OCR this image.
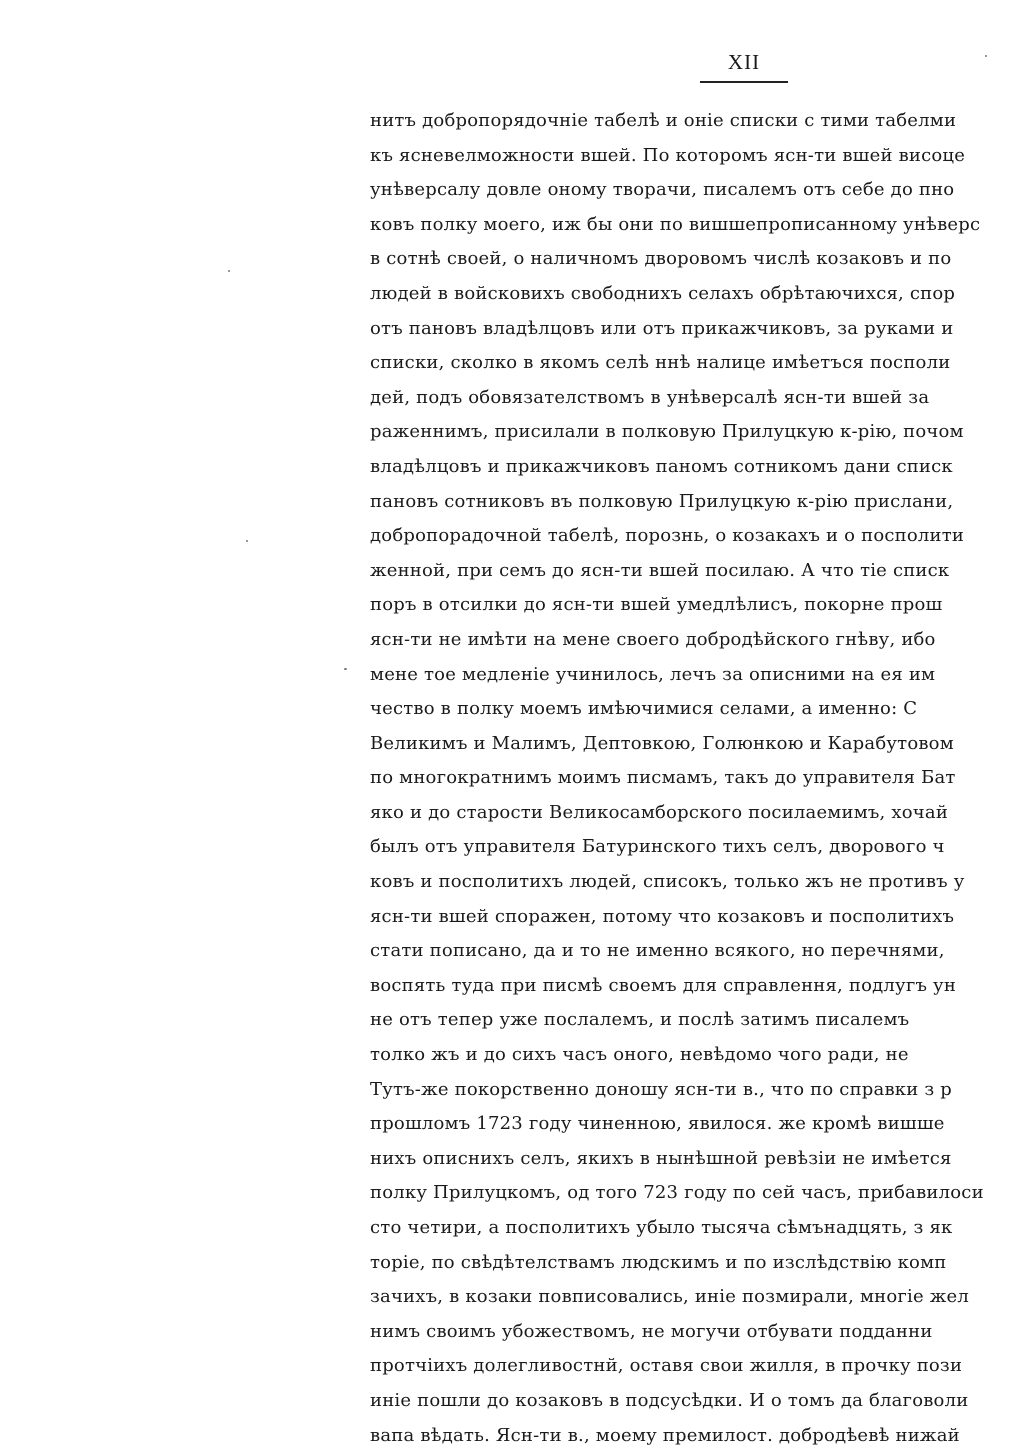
XII
нитъ добропорядочніе табелѣ и оніе списки с тими табелми
къ ясневелможности вшей. По которомъ ясн-ти вшей висоце
унѣверсалу довле оному творачи, писалемъ отъ себе до пно
ковъ полку моего, иж бы они по вишшепрописанному унѣверс
в сотнѣ своей, о наличномъ дворовомъ числѣ козаковъ и по
людей в войсковихъ свободнихъ селахъ обрѣтаючихся, спор
отъ пановъ владѣлцовъ или отъ прикажчиковъ, за руками и
списки, сколко в якомъ селѣ ннѣ налице имѣетъся посполи
дей, подъ обовязателствомъ в унѣверсалѣ ясн-ти вшей за
раженнимъ, присилали в полковую Прилуцкую к-рію, почом
владѣлцовъ и прикажчиковъ паномъ сотникомъ дани списк
пановъ сотниковъ въ полковую Прилуцкую к-рію прислани,
добропорадочной табелѣ, порознь, о козакахъ и о посполити
женной, при семъ до ясн-ти вшей посилаю. А что тіе списк
поръ в отсилки до ясн-ти вшей умедлѣлисъ, покорне прош
ясн-ти не имѣти на мене своего добродѣйского гнѣву, ибо
мене тое медленіе учинилось, лечъ за описними на ея им
чество в полку моемъ имѣючимися селами, а именно: С
Великимъ и Малимъ, Дептовкою, Голюнкою и Карабутовом
по многократнимъ моимъ писмамъ, такъ до управителя Бат
яко и до старости Великосамборского посилаемимъ, хочай
былъ отъ управителя Батуринского тихъ селъ, дворового ч
ковъ и посполитихъ людей, списокъ, только жъ не противъ у
ясн-ти вшей споражен, потому что козаковъ и посполитихъ
стати пописано, да и то не именно всякого, но перечнями,
воспять туда при писмѣ своемъ для справлення, подлугъ ун
не отъ тепер уже послалемъ, и послѣ затимъ писалемъ
толко жъ и до сихъ часъ оного, невѣдомо чого ради, не
Тутъ-же покорственно доношу ясн-ти в., что по справки з р
прошломъ 1723 году чиненною, явилося. же кромѣ вишше
нихъ описнихъ селъ, якихъ в нынѣшной ревѣзіи не имѣется
полку Прилуцкомъ, од того 723 году по сей часъ, прибавилоси
сто четири, а посполитихъ убыло тысяча сѣмънадцять, з як
торіе, по свѣдѣтелствамъ людскимъ и по изслѣдствію комп
зачихъ, в козаки повписовались, иніе позмирали, многіе жел
нимъ своимъ убожествомъ, не могучи отбувати подданни
протчіихъ долегливостнй, оставя свои жилля, в прочку пози
иніе пошли до козаковъ в подсусѣдки. И о томъ да благоволи
вапа вѣдать. Ясн-ти в., моему премилост. добродѣевѣ нижай
